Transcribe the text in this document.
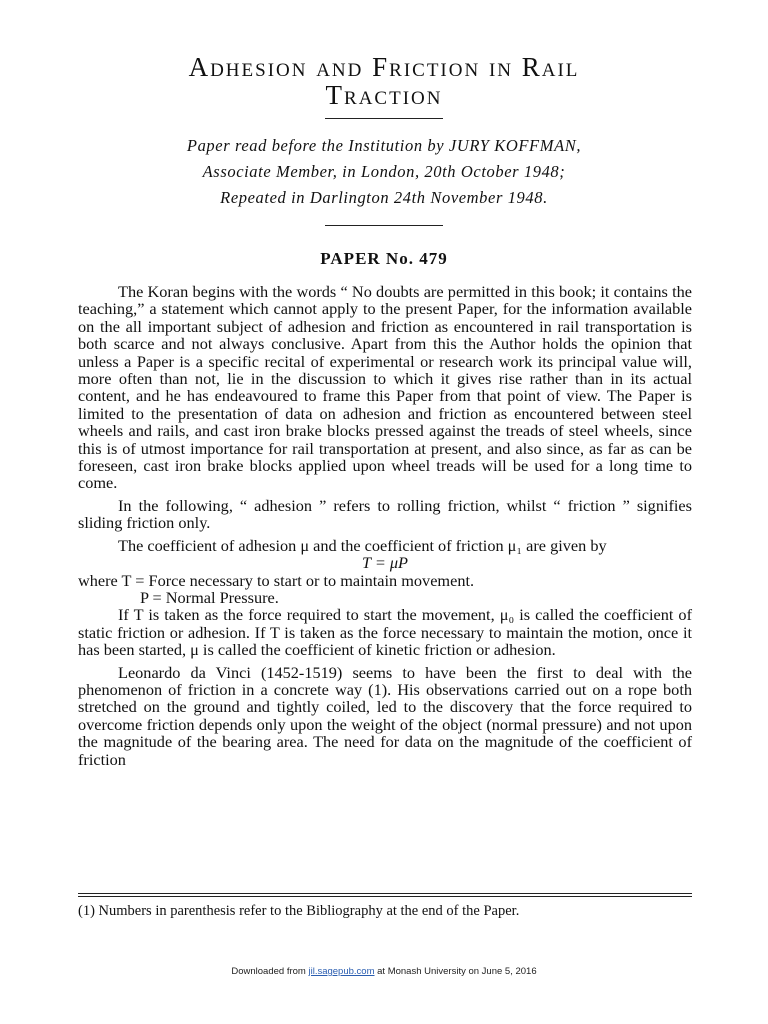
Adhesion and Friction in Rail
Traction
Paper read before the Institution by JURY KOFFMAN,
Associate Member, in London, 20th October 1948;
Repeated in Darlington 24th November 1948.
PAPER No. 479

The Koran begins with the words “ No doubts are permitted in this book; it contains the teaching,” a statement which cannot apply to the present Paper, for the information available on the all important subject of adhesion and friction as encountered in rail transportation is both scarce and not always conclusive. Apart from this the Author holds the opinion that unless a Paper is a specific recital of experimental or research work its principal value will, more often than not, lie in the discussion to which it gives rise rather than in its actual content, and he has endeavoured to frame this Paper from that point of view. The Paper is limited to the presentation of data on adhesion and friction as encountered between steel wheels and rails, and cast iron brake blocks pressed against the treads of steel wheels, since this is of utmost importance for rail transportation at present, and also since, as far as can be foreseen, cast iron brake blocks applied upon wheel treads will be used for a long time to come.

In the following, “ adhesion ” refers to rolling friction, whilst “ friction ” signifies sliding friction only.

The coefficient of adhesion μ and the coefficient of friction μ₁ are given by

T = μP
where T = Force necessary to start or to maintain movement.
P = Normal Pressure.

If T is taken as the force required to start the movement, μ₀ is called the coefficient of static friction or adhesion. If T is taken as the force necessary to maintain the motion, once it has been started, μ is called the coefficient of kinetic friction or adhesion.

Leonardo da Vinci (1452-1519) seems to have been the first to deal with the phenomenon of friction in a concrete way (1). His observations carried out on a rope both stretched on the ground and tightly coiled, led to the discovery that the force required to overcome friction depends only upon the weight of the object (normal pressure) and not upon the magnitude of the bearing area. The need for data on the magnitude of the coefficient of friction

(1) Numbers in parenthesis refer to the Bibliography at the end of the Paper.
Downloaded from jil.sagepub.com at Monash University on June 5, 2016
